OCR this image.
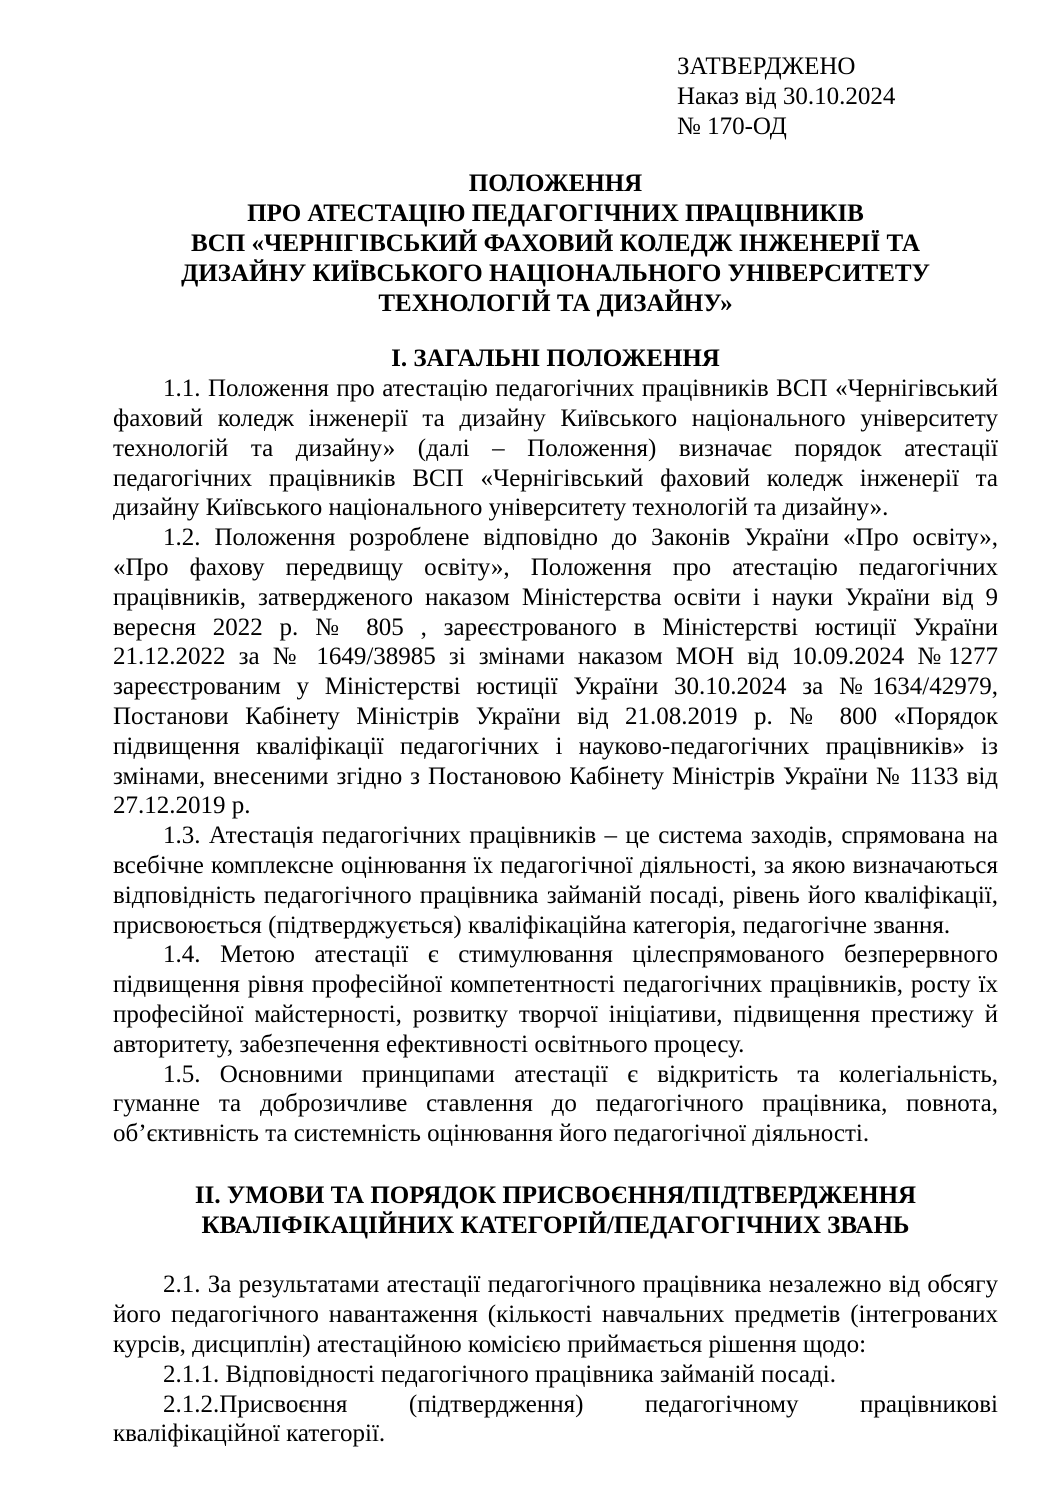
ЗАТВЕРДЖЕНО
Наказ від 30.10.2024
№ 170-ОД
ПОЛОЖЕННЯ
ПРО АТЕСТАЦІЮ ПЕДАГОГІЧНИХ ПРАЦІВНИКІВ
ВСП «ЧЕРНІГІВСЬКИЙ ФАХОВИЙ КОЛЕДЖ ІНЖЕНЕРІЇ ТА
ДИЗАЙНУ КИЇВСЬКОГО НАЦІОНАЛЬНОГО УНІВЕРСИТЕТУ
ТЕХНОЛОГІЙ ТА ДИЗАЙНУ»
І. ЗАГАЛЬНІ ПОЛОЖЕННЯ

1.1. Положення про атестацію педагогічних працівників ВСП «Чернігівський фаховий коледж інженерії та дизайну Київського національного університету технологій та дизайну» (далі – Положення) визначає порядок атестації педагогічних працівників ВСП «Чернігівський фаховий коледж інженерії та дизайну Київського національного університету технологій та дизайну».

1.2. Положення розроблене відповідно до Законів України «Про освіту», «Про фахову передвищу освіту», Положення про атестацію педагогічних працівників, затвердженого наказом Міністерства освіти і науки України від 9 вересня 2022 р. № 805 , зареєстрованого в Міністерстві юстиції України 21.12.2022 за № 1649/38985 зі змінами наказом МОН від 10.09.2024 №1277 зареєстрованим у Міністерстві юстиції України 30.10.2024 за №1634/42979, Постанови Кабінету Міністрів України від 21.08.2019 р. № 800 «Порядок підвищення кваліфікації педагогічних і науково-педагогічних працівників» із змінами, внесеними згідно з Постановою Кабінету Міністрів України № 1133 від 27.12.2019 р.

1.3. Атестація педагогічних працівників – це система заходів, спрямована на всебічне комплексне оцінювання їх педагогічної діяльності, за якою визначаються відповідність педагогічного працівника займаній посаді, рівень його кваліфікації, присвоюється (підтверджується) кваліфікаційна категорія, педагогічне звання.

1.4. Метою атестації є стимулювання цілеспрямованого безперервного підвищення рівня професійної компетентності педагогічних працівників, росту їх професійної майстерності, розвитку творчої ініціативи, підвищення престижу й авторитету, забезпечення ефективності освітнього процесу.

1.5. Основними принципами атестації є відкритість та колегіальність, гуманне та доброзичливе ставлення до педагогічного працівника, повнота, об’єктивність та системність оцінювання його педагогічної діяльності.

ІІ. УМОВИ ТА ПОРЯДОК ПРИСВОЄННЯ/ПІДТВЕРДЖЕННЯ
КВАЛІФІКАЦІЙНИХ КАТЕГОРІЙ/ПЕДАГОГІЧНИХ ЗВАНЬ

2.1. За результатами атестації педагогічного працівника незалежно від обсягу його педагогічного навантаження (кількості навчальних предметів (інтегрованих курсів, дисциплін) атестаційною комісією приймається рішення щодо:

2.1.1. Відповідності педагогічного працівника займаній посаді.

2.1.2.Присвоєння (підтвердження) педагогічному працівникові
кваліфікаційної категорії.
